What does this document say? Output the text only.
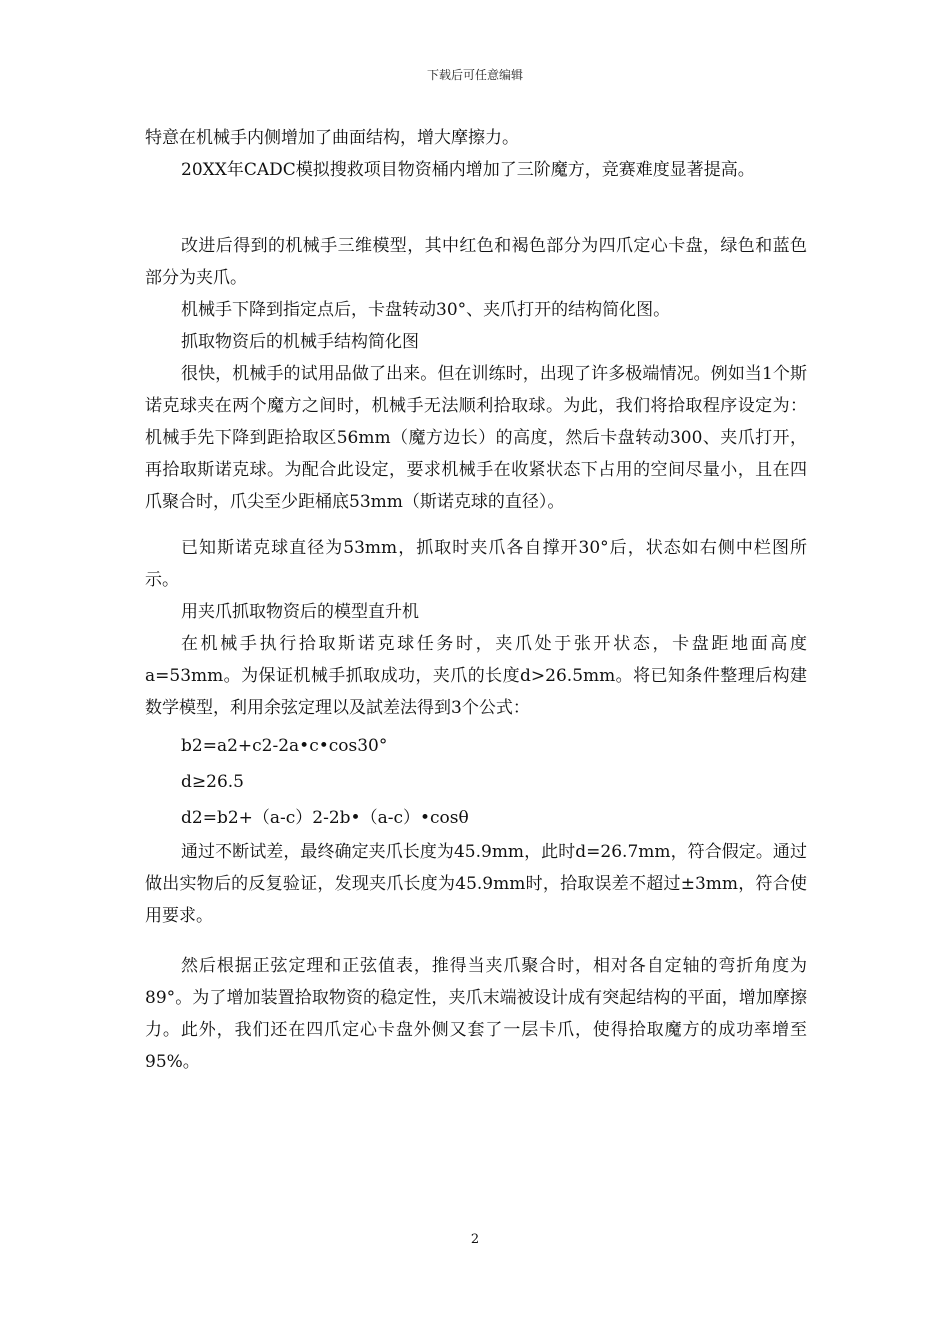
下载后可任意编辑

特意在机械手内侧增加了曲面结构，增大摩擦力。

20XX年CADC模拟搜救项目物资桶内增加了三阶魔方，竞赛难度显著提高。

改进后得到的机械手三维模型，其中红色和褐色部分为四爪定心卡盘，绿色和蓝色部分为夹爪。

机械手下降到指定点后，卡盘转动30°、夹爪打开的结构简化图。

抓取物资后的机械手结构简化图

很快，机械手的试用品做了出来。但在训练时，出现了许多极端情况。例如当1个斯诺克球夹在两个魔方之间时，机械手无法顺利拾取球。为此，我们将拾取程序设定为：机械手先下降到距拾取区56mm（魔方边长）的高度，然后卡盘转动300、夹爪打开，再拾取斯诺克球。为配合此设定，要求机械手在收紧状态下占用的空间尽量小，且在四爪聚合时，爪尖至少距桶底53mm（斯诺克球的直径）。

已知斯诺克球直径为53mm，抓取时夹爪各自撑开30°后，状态如右侧中栏图所示。

用夹爪抓取物资后的模型直升机

在机械手执行拾取斯诺克球任务时，夹爪处于张开状态，卡盘距地面高度a=53mm。为保证机械手抓取成功，夹爪的长度d>26.5mm。将已知条件整理后构建数学模型，利用余弦定理以及試差法得到3个公式：

b2=a2+c2-2a•c•cos30°

d≥26.5

d2=b2+（a-c）2-2b•（a-c）•cosθ

通过不断试差，最终确定夹爪长度为45.9mm，此时d=26.7mm，符合假定。通过做出实物后的反复验证，发现夹爪长度为45.9mm时，拾取误差不超过±3mm，符合使用要求。

然后根据正弦定理和正弦值表，推得当夹爪聚合时，相对各自定轴的弯折角度为89°。为了增加装置拾取物资的稳定性，夹爪末端被设计成有突起结构的平面，增加摩擦力。此外，我们还在四爪定心卡盘外侧又套了一层卡爪，使得拾取魔方的成功率增至95%。

2
